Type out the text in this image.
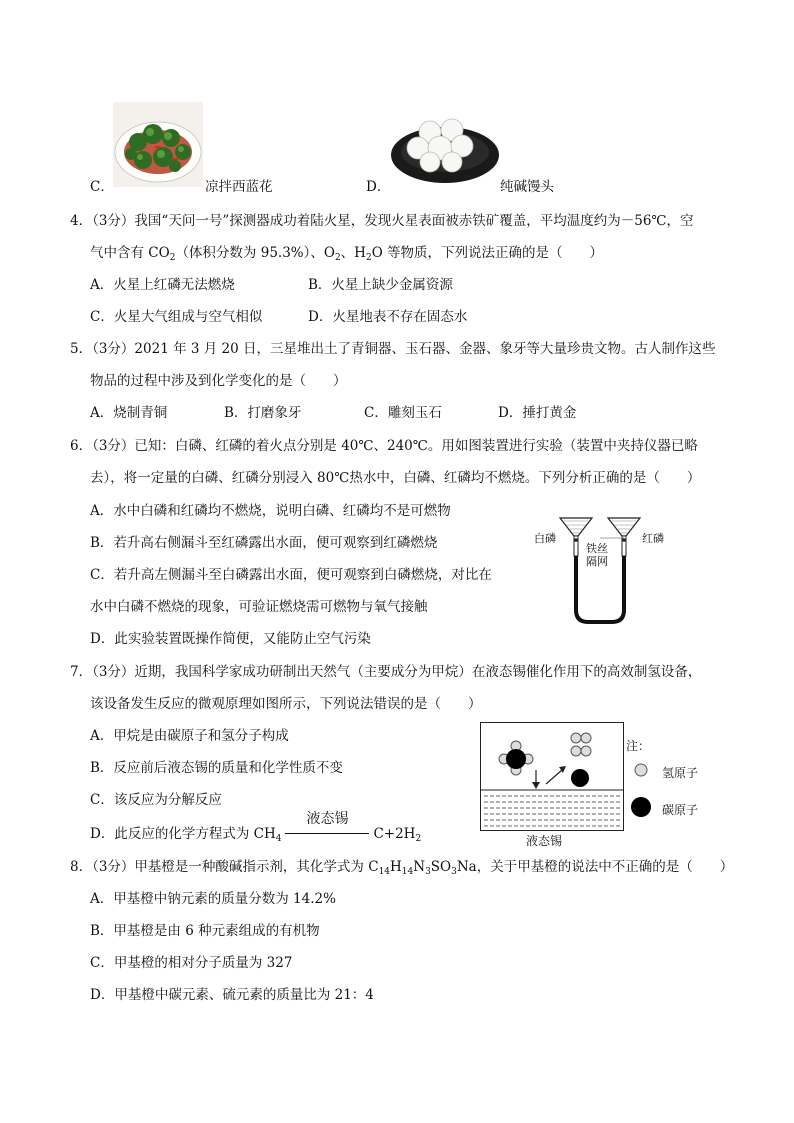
C．	凉拌西蓝花	D．	纯碱馒头
4．（3分）我国“天问一号”探测器成功着陆火星，发现火星表面被赤铁矿覆盖，平均温度约为－56℃，空
气中含有 $CO_2$（体积分数为 95.3%）、$O_2$、$H_2O$ 等物质，下列说法正确的是（　　）
A．火星上红磷无法燃烧	B．火星上缺少金属资源
C．火星大气组成与空气相似	D．火星地表不存在固态水
5．（3分）2021 年 3 月 20 日，三星堆出土了青铜器、玉石器、金器、象牙等大量珍贵文物。古人制作这些
物品的过程中涉及到化学变化的是（　　）
A．烧制青铜	B．打磨象牙	C．雕刻玉石	D．捶打黄金
6．（3分）已知：白磷、红磷的着火点分别是 40℃、240℃。用如图装置进行实验（装置中夹持仪器已略
去），将一定量的白磷、红磷分别浸入 80℃热水中，白磷、红磷均不燃烧。下列分析正确的是（　　）
A．水中白磷和红磷均不燃烧，说明白磷、红磷均不是可燃物
B．若升高右侧漏斗至红磷露出水面，便可观察到红磷燃烧
C．若升高左侧漏斗至白磷露出水面，便可观察到白磷燃烧，对比在
水中白磷不燃烧的现象，可验证燃烧需可燃物与氧气接触
D．此实验装置既操作简便，又能防止空气污染
白磷	红磷
铁丝
隔网
7．（3分）近期，我国科学家成功研制出天然气（主要成分为甲烷）在液态锡催化作用下的高效制氢设备，
该设备发生反应的微观原理如图所示，下列说法错误的是（　　）
A．甲烷是由碳原子和氢分子构成
B．反应前后液态锡的质量和化学性质不变
C．该反应为分解反应
D．此反应的化学方程式为 $CH_4$
液态锡
$C+2H_2$	液态锡
注：
氢原子
碳原子
8．（3分）甲基橙是一种酸碱指示剂，其化学式为 $C_{14}H_{14}N_3SO_3Na$，关于甲基橙的说法中不正确的是（　　）
A．甲基橙中钠元素的质量分数为 14.2%
B．甲基橙是由 6 种元素组成的有机物
C．甲基橙的相对分子质量为 327
D．甲基橙中碳元素、硫元素的质量比为 21：4
